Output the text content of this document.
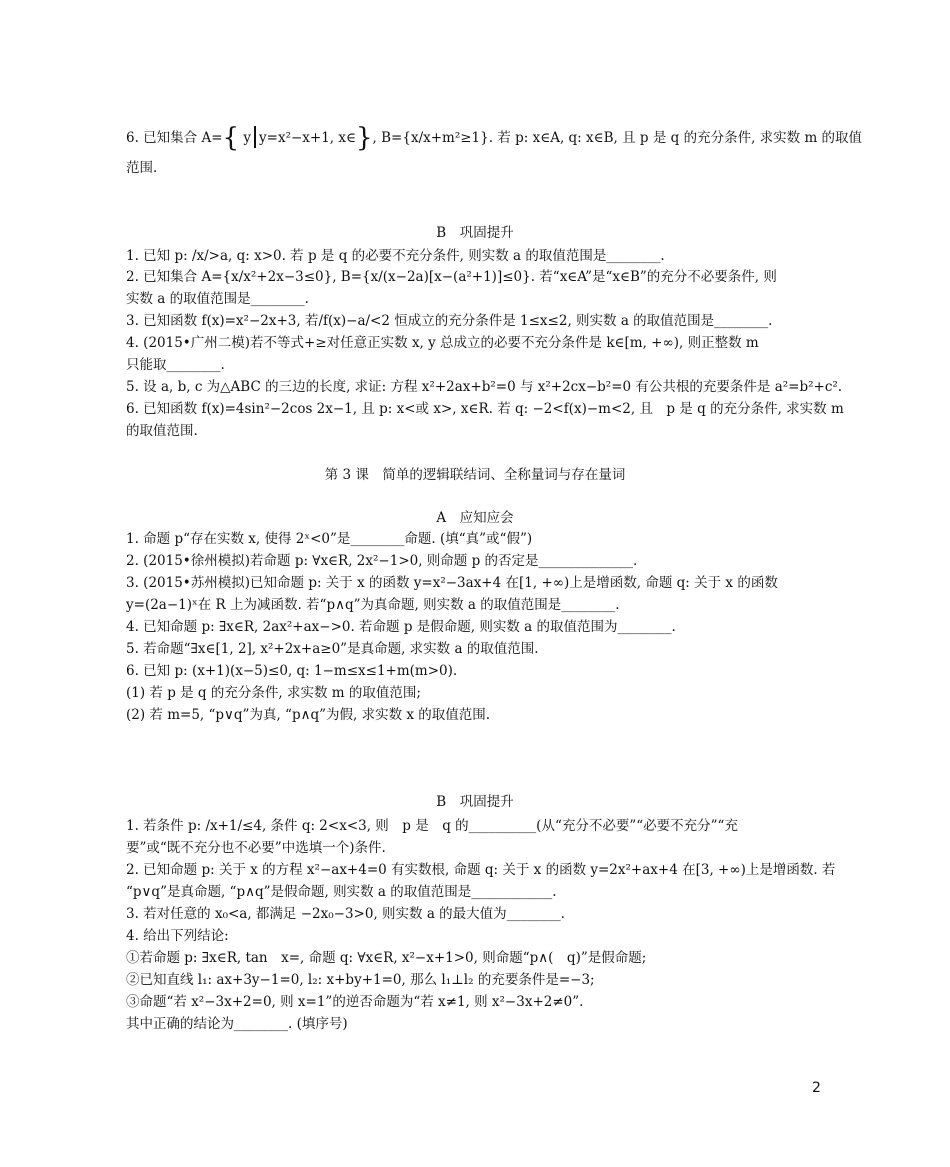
6. 已知集合 A={ y y=x²−x+1, x∈}, B={x/x+m²≥1}. 若 p: x∈A, q: x∈B, 且 p 是 q 的充分条件, 求实数 m 的取值
范围.
B　巩固提升
1. 已知 p: /x/>a, q: x>0. 若 p 是 q 的必要不充分条件, 则实数 a 的取值范围是________.
2. 已知集合 A={x/x²+2x−3≤0}, B={x/(x−2a)[x−(a²+1)]≤0}. 若“x∈A”是“x∈B”的充分不必要条件, 则
实数 a 的取值范围是________.
3. 已知函数 f(x)=x²−2x+3, 若/f(x)−a/<2 恒成立的充分条件是 1≤x≤2, 则实数 a 的取值范围是________.
4. (2015•广州二模)若不等式+≥对任意正实数 x, y 总成立的必要不充分条件是 k∈[m, +∞), 则正整数 m
只能取________.
5. 设 a, b, c 为△ABC 的三边的长度, 求证: 方程 x²+2ax+b²=0 与 x²+2cx−b²=0 有公共根的充要条件是 a²=b²+c².
6. 已知函数 f(x)=4sin²−2cos 2x−1, 且 p: x<或 x>, x∈R. 若 q: −2<f(x)−m<2, 且　p 是 q 的充分条件, 求实数 m
的取值范围.
第 3 课　简单的逻辑联结词、全称量词与存在量词
A　应知应会
1. 命题 p“存在实数 x, 使得 2ˣ<0”是________命题. (填“真”或“假”)
2. (2015•徐州模拟)若命题 p: ∀x∈R, 2x²−1>0, 则命题 p 的否定是______________.
3. (2015•苏州模拟)已知命题 p: 关于 x 的函数 y=x²−3ax+4 在[1, +∞)上是增函数, 命题 q: 关于 x 的函数
y=(2a−1)ˣ在 R 上为减函数. 若“p∧q”为真命题, 则实数 a 的取值范围是________.
4. 已知命题 p: ∃x∈R, 2ax²+ax−>0. 若命题 p 是假命题, 则实数 a 的取值范围为________.
5. 若命题“∃x∈[1, 2], x²+2x+a≥0”是真命题, 求实数 a 的取值范围.
6. 已知 p: (x+1)(x−5)≤0, q: 1−m≤x≤1+m(m>0).
(1) 若 p 是 q 的充分条件, 求实数 m 的取值范围;
(2) 若 m=5, “p∨q”为真, “p∧q”为假, 求实数 x 的取值范围.
B　巩固提升
1. 若条件 p: /x+1/≤4, 条件 q: 2<x<3, 则　p 是　q 的__________(从“充分不必要”“必要不充分”“充
要”或“既不充分也不必要”中选填一个)条件.
2. 已知命题 p: 关于 x 的方程 x²−ax+4=0 有实数根, 命题 q: 关于 x 的函数 y=2x²+ax+4 在[3, +∞)上是增函数. 若
“p∨q”是真命题, “p∧q”是假命题, 则实数 a 的取值范围是____________.
3. 若对任意的 x₀<a, 都满足 −2x₀−3>0, 则实数 a 的最大值为________.
4. 给出下列结论:
①若命题 p: ∃x∈R, tan　x=, 命题 q: ∀x∈R, x²−x+1>0, 则命题“p∧(　q)”是假命题;
②已知直线 l₁: ax+3y−1=0, l₂: x+by+1=0, 那么 l₁⊥l₂ 的充要条件是=−3;
③命题“若 x²−3x+2=0, 则 x=1”的逆否命题为“若 x≠1, 则 x²−3x+2≠0”.
其中正确的结论为________. (填序号)
2
